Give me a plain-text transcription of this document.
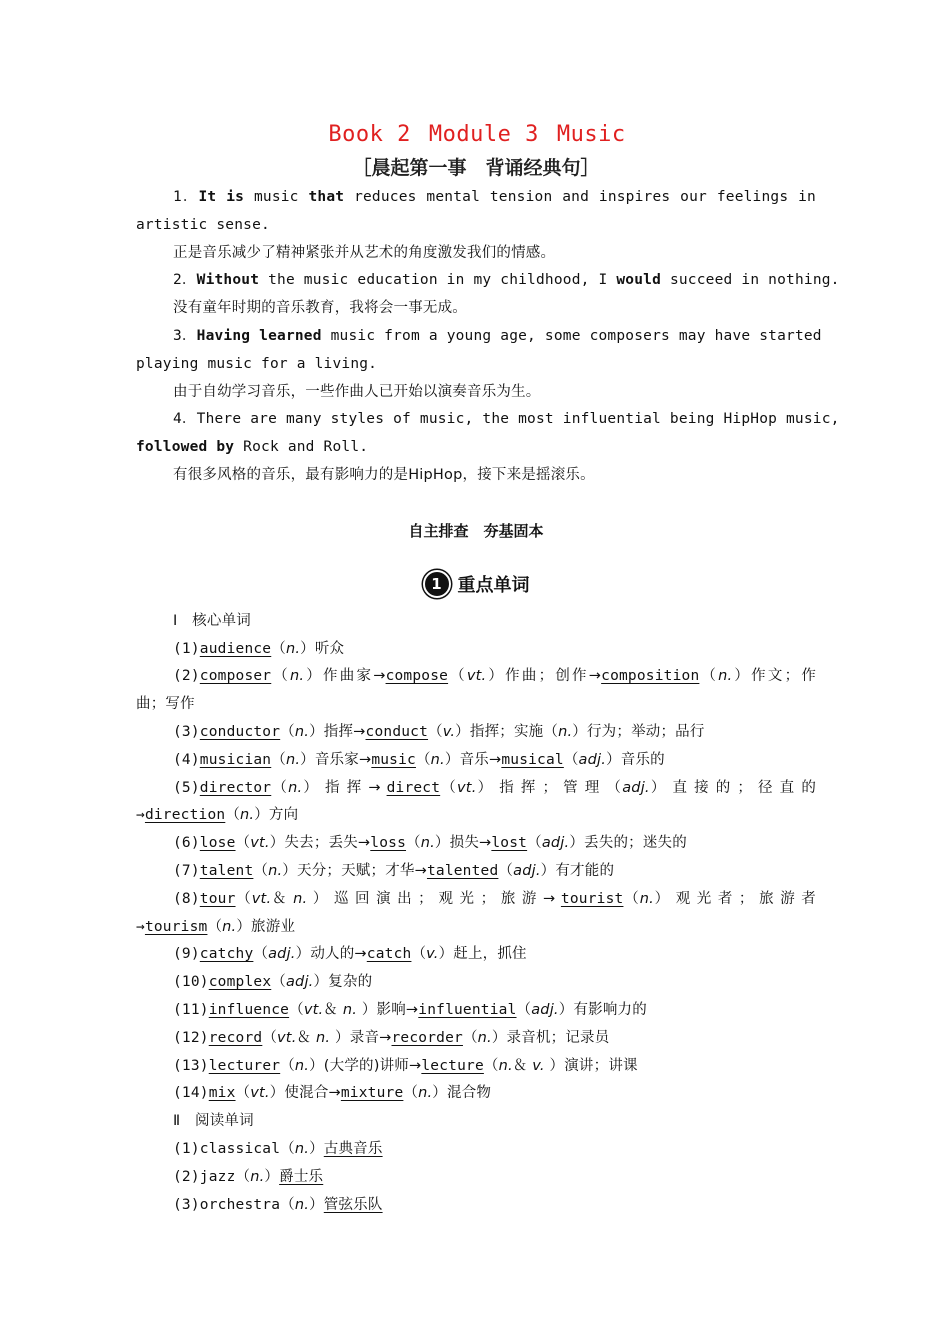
Book 2 Module 3 Music
［晨起第一事　背诵经典句］
1．It is music that reduces mental tension and inspires our feelings in
artistic sense.
正是音乐减少了精神紧张并从艺术的角度激发我们的情感。
2．Without the music education in my childhood, I would succeed in nothing.
没有童年时期的音乐教育，我将会一事无成。
3．Having learned music from a young age, some composers may have started
playing music for a living.
由于自幼学习音乐，一些作曲人已开始以演奏音乐为生。
4．There are many styles of music, the most influential being HipHop music,
followed by Rock and Roll.
有很多风格的音乐，最有影响力的是HipHop，接下来是摇滚乐。
自主排查　夯基固本
1 重点单词
Ⅰ　核心单词
(1)audience（n.）听众
(2)composer（n.）作曲家→compose（vt.）作曲；创作→composition（n.）作文；作
曲；写作
(3)conductor（n.）指挥→conduct（v.）指挥；实施（n.）行为；举动；品行
(4)musician（n.）音乐家→music（n.）音乐→musical（adj.）音乐的
(5)director（n.） 指 挥 → direct（vt.） 指 挥 ； 管 理 （adj.） 直 接 的 ； 径 直 的
→direction（n.）方向
(6)lose（vt.）失去；丢失→loss（n.）损失→lost（adj.）丢失的；迷失的
(7)talent（n.）天分；天赋；才华→talented（adj.）有才能的
(8)tour（vt.＆ n. ） 巡 回 演 出 ； 观 光 ； 旅 游 → tourist（n.） 观 光 者 ； 旅 游 者
→tourism（n.）旅游业
(9)catchy（adj.）动人的→catch（v.）赶上，抓住
(10)complex（adj.）复杂的
(11)influence（vt.＆ n. ）影响→influential（adj.）有影响力的
(12)record（vt.＆ n. ）录音→recorder（n.）录音机；记录员
(13)lecturer（n.）(大学的)讲师→lecture（n.＆ v. ）演讲；讲课
(14)mix（vt.）使混合→mixture（n.）混合物
Ⅱ　阅读单词
(1)classical（n.）古典音乐
(2)jazz（n.）爵士乐
(3)orchestra（n.）管弦乐队
